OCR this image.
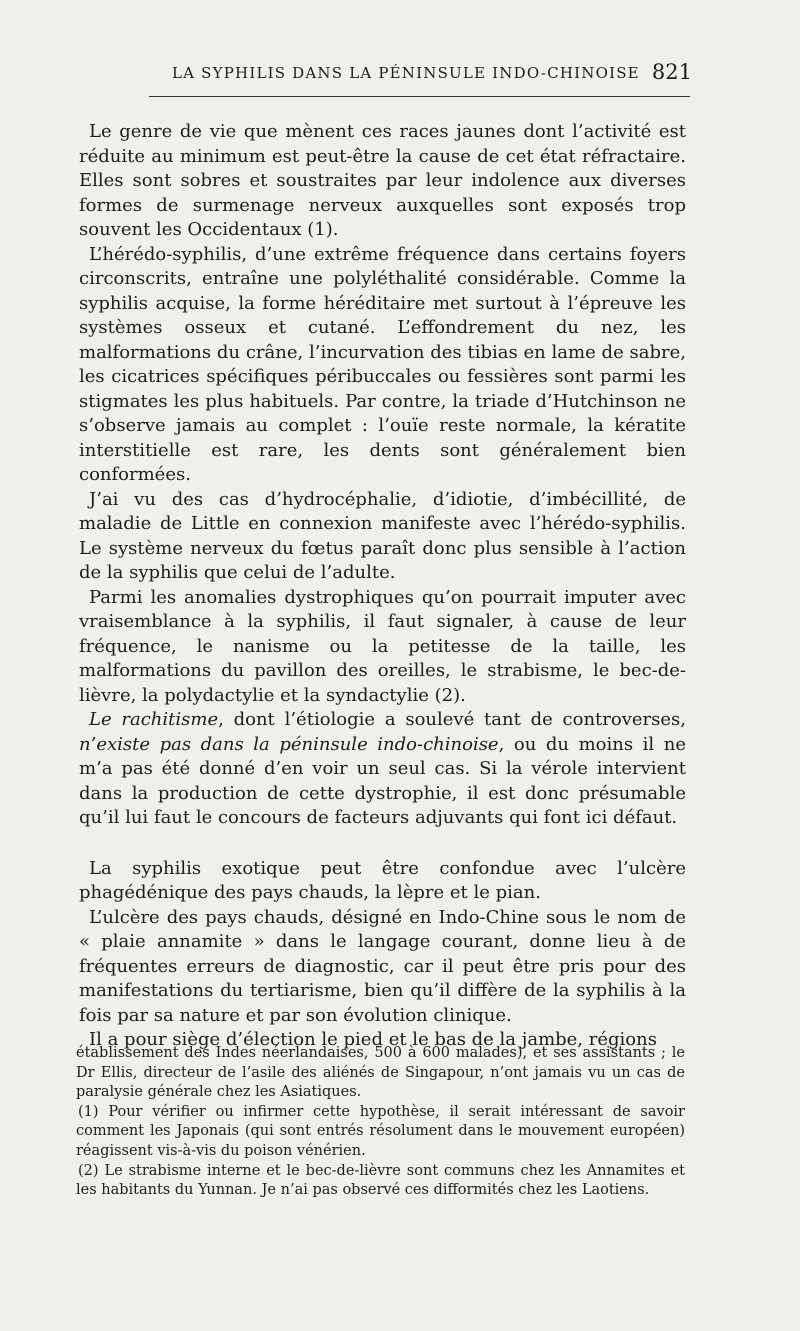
LA SYPHILIS DANS LA PÉNINSULE INDO-CHINOISE 821

Le genre de vie que mènent ces races jaunes dont l’activité est réduite au minimum est peut-être la cause de cet état réfractaire. Elles sont sobres et soustraites par leur indolence aux diverses formes de surmenage nerveux auxquelles sont exposés trop souvent les Occidentaux (1).

L’hérédo-syphilis, d’une extrême fréquence dans certains foyers circonscrits, entraîne une polyléthalité considérable. Comme la syphilis acquise, la forme héréditaire met surtout à l’épreuve les systèmes osseux et cutané. L’effondrement du nez, les malformations du crâne, l’incurvation des tibias en lame de sabre, les cicatrices spécifiques péribuccales ou fessières sont parmi les stigmates les plus habituels. Par contre, la triade d’Hutchinson ne s’observe jamais au complet : l’ouïe reste normale, la kératite interstitielle est rare, les dents sont généralement bien conformées.

J’ai vu des cas d’hydrocéphalie, d’idiotie, d’imbécillité, de maladie de Little en connexion manifeste avec l’hérédo-syphilis. Le système nerveux du fœtus paraît donc plus sensible à l’action de la syphilis que celui de l’adulte.

Parmi les anomalies dystrophiques qu’on pourrait imputer avec vraisemblance à la syphilis, il faut signaler, à cause de leur fréquence, le nanisme ou la petitesse de la taille, les malformations du pavillon des oreilles, le strabisme, le bec-de-lièvre, la polydactylie et la syndactylie (2).

Le rachitisme, dont l’étiologie a soulevé tant de controverses, n’existe pas dans la péninsule indo-chinoise, ou du moins il ne m’a pas été donné d’en voir un seul cas. Si la vérole intervient dans la production de cette dystrophie, il est donc présumable qu’il lui faut le concours de facteurs adjuvants qui font ici défaut.

La syphilis exotique peut être confondue avec l’ulcère phagédénique des pays chauds, la lèpre et le pian.

L’ulcère des pays chauds, désigné en Indo-Chine sous le nom de « plaie annamite » dans le langage courant, donne lieu à de fréquentes erreurs de diagnostic, car il peut être pris pour des manifestations du tertiarisme, bien qu’il diffère de la syphilis à la fois par sa nature et par son évolution clinique.

Il a pour siège d’élection le pied et le bas de la jambe, régions

établissement des Indes néerlandaises, 500 à 600 malades), et ses assistants ; le Dr Ellis, directeur de l’asile des aliénés de Singapour, n’ont jamais vu un cas de paralysie générale chez les Asiatiques.

(1) Pour vérifier ou infirmer cette hypothèse, il serait intéressant de savoir comment les Japonais (qui sont entrés résolument dans le mouvement européen) réagissent vis-à-vis du poison vénérien.

(2) Le strabisme interne et le bec-de-lièvre sont communs chez les Annamites et les habitants du Yunnan. Je n’ai pas observé ces difformités chez les Laotiens.
